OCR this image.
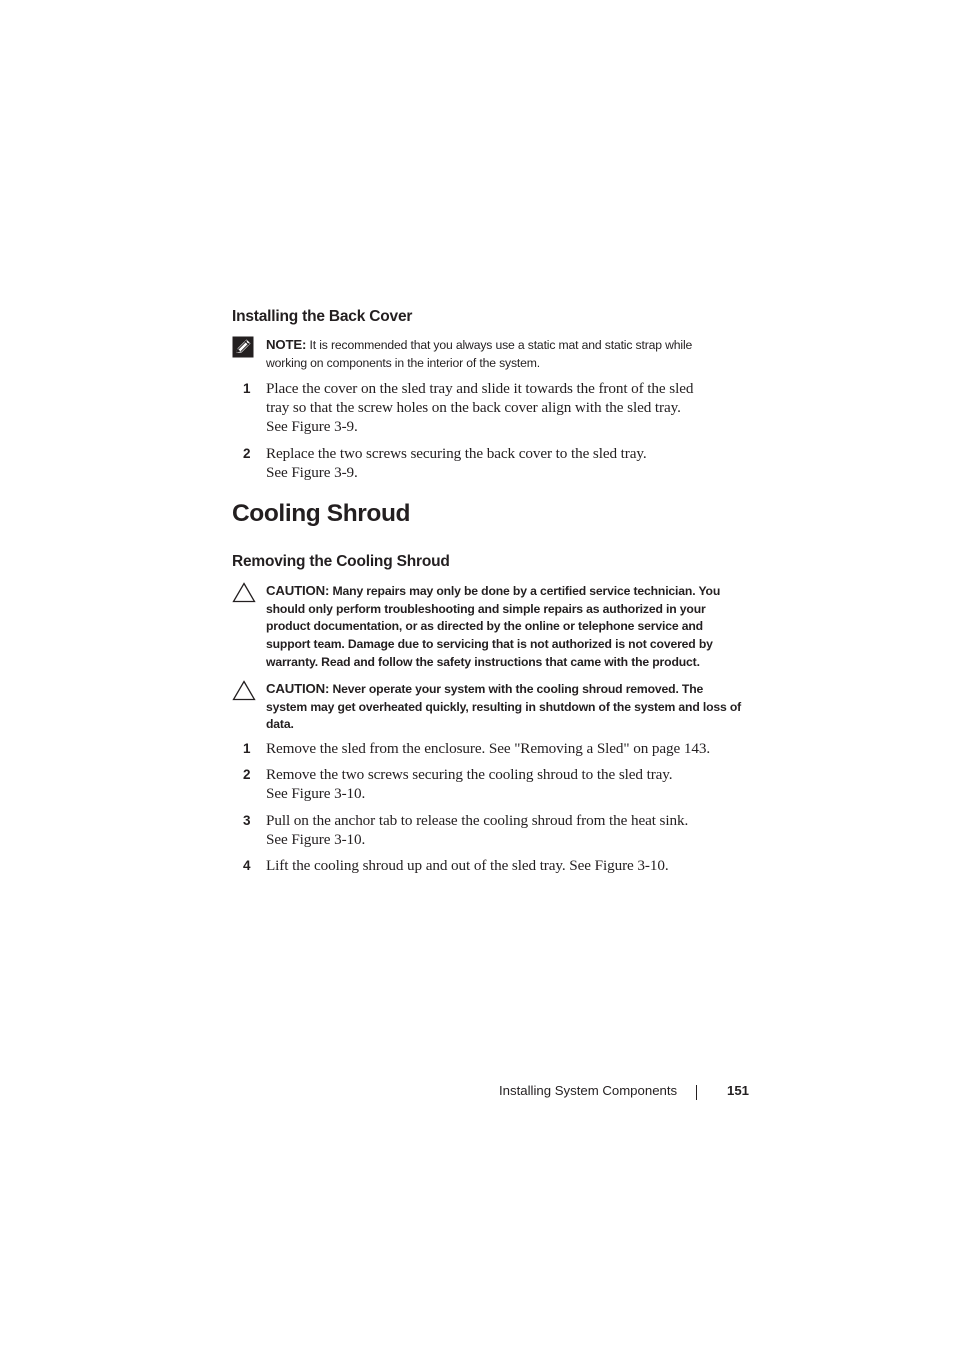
Installing the Back Cover
NOTE: It is recommended that you always use a static mat and static strap while
working on components in the interior of the system.
1 Place the cover on the sled tray and slide it towards the front of the sled
tray so that the screw holes on the back cover align with the sled tray.
See Figure 3-9.
2 Replace the two screws securing the back cover to the sled tray.
See Figure 3-9.
Cooling Shroud
Removing the Cooling Shroud
CAUTION: Many repairs may only be done by a certified service technician. You
should only perform troubleshooting and simple repairs as authorized in your
product documentation, or as directed by the online or telephone service and
support team. Damage due to servicing that is not authorized is not covered by
warranty. Read and follow the safety instructions that came with the product.
CAUTION: Never operate your system with the cooling shroud removed. The
system may get overheated quickly, resulting in shutdown of the system and loss of
data.
1 Remove the sled from the enclosure. See "Removing a Sled" on page 143.
2 Remove the two screws securing the cooling shroud to the sled tray.
See Figure 3-10.
3 Pull on the anchor tab to release the cooling shroud from the heat sink.
See Figure 3-10.
4 Lift the cooling shroud up and out of the sled tray. See Figure 3-10.
Installing System Components	151
